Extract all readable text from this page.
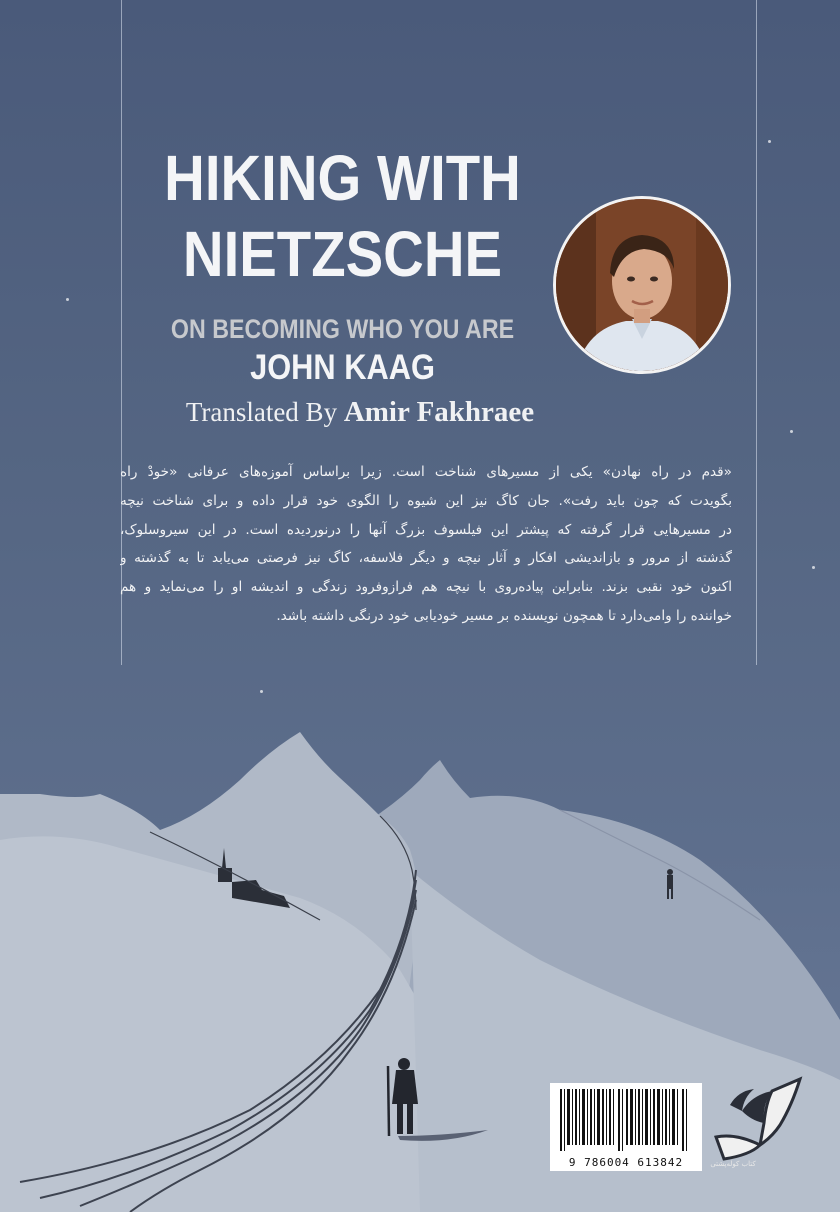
HIKING WITH
NIETZSCHE
ON BECOMING WHO YOU ARE
JOHN KAAG
Translated By Amir Fakhraee
«قدم در راه نهادن» یکی از مسیرهای شناخت است. زیرا براساس آموزه‌های عرفانی «خودْ راه
بگویدت که چون باید رفت». جان کاگ نیز این شیوه را الگوی خود قرار داده و برای شناخت نیچه
در مسیرهایی قرار گرفته که پیشتر این فیلسوف بزرگ آنها را درنوردیده است. در این سیروسلوک،
گذشته از مرور و بازاندیشی افکار و آثار نیچه و دیگر فلاسفه، کاگ نیز فرصتی می‌یابد تا به گذشته و
اکنون خود نقبی بزند. بنابراین پیاده‌روی با نیچه هم فرازوفرود زندگی و اندیشه او را می‌نماید و هم
خواننده را وامی‌دارد تا همچون نویسنده بر مسیر خودیابی خود درنگی داشته باشد.
9 786004 613842	کتاب کوله‌پشتی
